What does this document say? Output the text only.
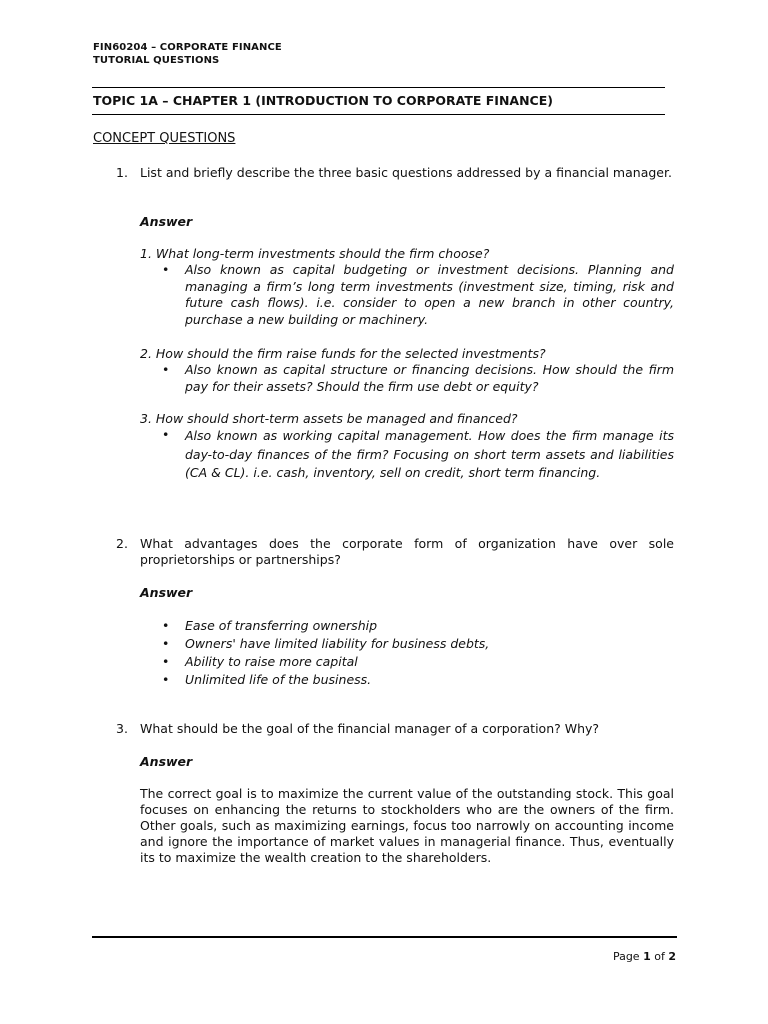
FIN60204 – CORPORATE FINANCE
TUTORIAL QUESTIONS
TOPIC 1A – CHAPTER 1 (INTRODUCTION TO CORPORATE FINANCE)
CONCEPT QUESTIONS
1. List and briefly describe the three basic questions addressed by a financial manager.
Answer
1. What long-term investments should the firm choose?
• Also known as capital budgeting or investment decisions. Planning and managing a firm’s long term investments (investment size, timing, risk and future cash flows). i.e. consider to open a new branch in other country, purchase a new building or machinery.
2. How should the firm raise funds for the selected investments?
• Also known as capital structure or financing decisions. How should the firm pay for their assets? Should the firm use debt or equity?
3. How should short-term assets be managed and financed?
• Also known as working capital management. How does the firm manage its day-to-day finances of the firm? Focusing on short term assets and liabilities (CA & CL). i.e. cash, inventory, sell on credit, short term financing.
2. What advantages does the corporate form of organization have over sole proprietorships or partnerships?
Answer
• Ease of transferring ownership
• Owners' have limited liability for business debts,
• Ability to raise more capital
• Unlimited life of the business.
3. What should be the goal of the financial manager of a corporation? Why?
Answer
The correct goal is to maximize the current value of the outstanding stock. This goal focuses on enhancing the returns to stockholders who are the owners of the firm. Other goals, such as maximizing earnings, focus too narrowly on accounting income and ignore the importance of market values in managerial finance. Thus, eventually its to maximize the wealth creation to the shareholders.
Page 1 of 2
